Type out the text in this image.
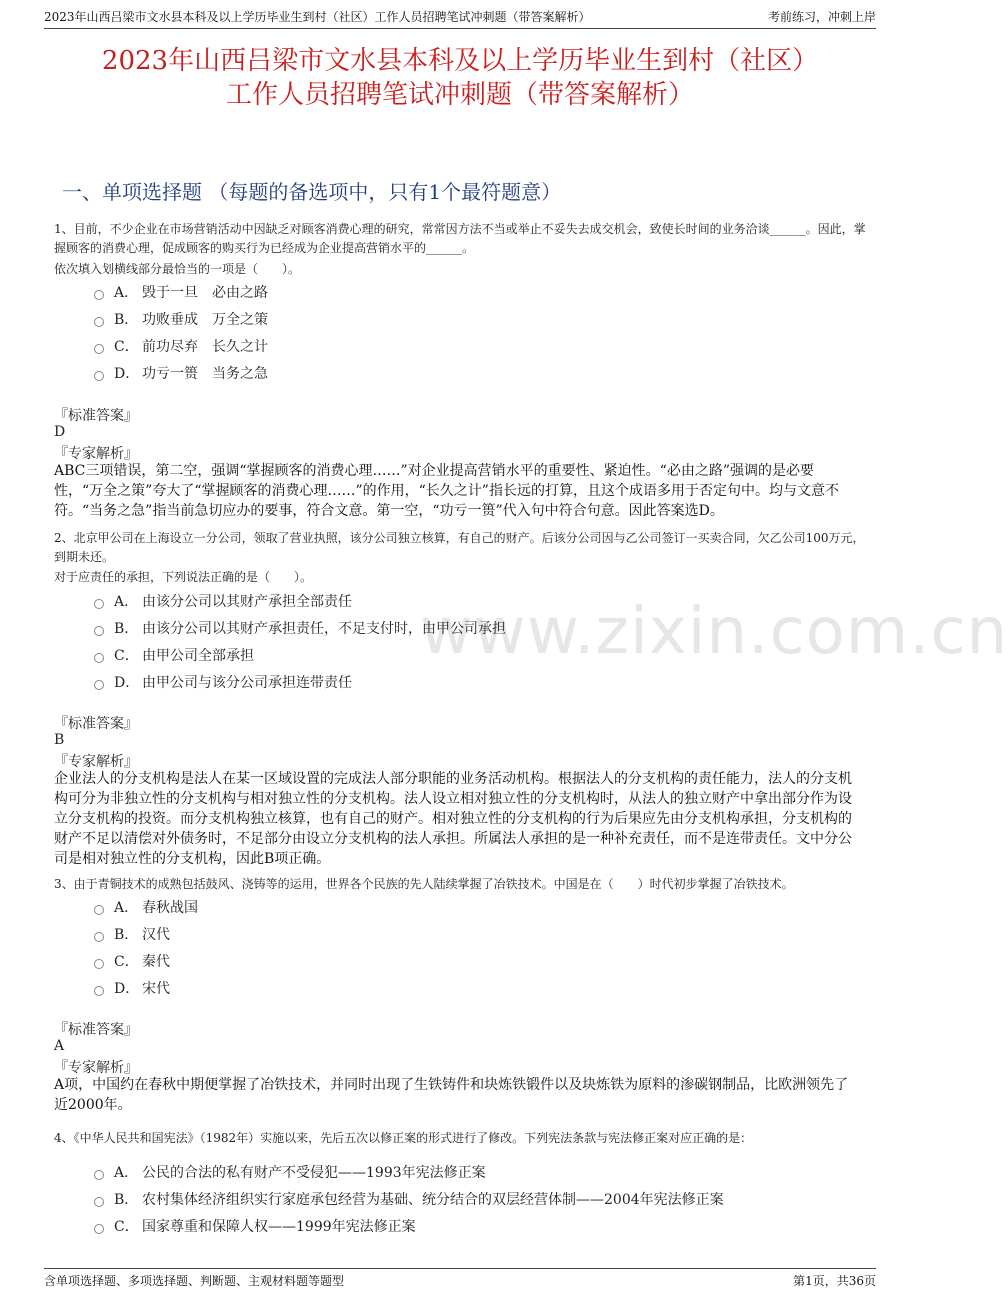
2023年山西吕梁市文水县本科及以上学历毕业生到村（社区）工作人员招聘笔试冲刺题（带答案解析）	考前练习，冲刺上岸
2023年山西吕梁市文水县本科及以上学历毕业生到村（社区）
工作人员招聘笔试冲刺题（带答案解析）
一、单项选择题 （每题的备选项中，只有1个最符题意）
www.zixin.com.cn
1、目前，不少企业在市场营销活动中因缺乏对顾客消费心理的研究，常常因方法不当或举止不妥失去成交机会，致使长时间的业务洽谈______。因此，掌握顾客的消费心理，促成顾客的购买行为已经成为企业提高营销水平的______。
依次填入划横线部分最恰当的一项是（　　）。
A． 毁于一旦　必由之路
B． 功败垂成　万全之策
C． 前功尽弃　长久之计
D． 功亏一篑　当务之急
『标准答案』
D
『专家解析』
ABC三项错误，第二空，强调“掌握顾客的消费心理……”对企业提高营销水平的重要性、紧迫性。“必由之路”强调的是必要性，“万全之策”夸大了“掌握顾客的消费心理……”的作用，“长久之计”指长远的打算，且这个成语多用于否定句中。均与文意不符。“当务之急”指当前急切应办的要事，符合文意。第一空，“功亏一篑”代入句中符合句意。因此答案选D。
2、北京甲公司在上海设立一分公司，领取了营业执照，该分公司独立核算，有自己的财产。后该分公司因与乙公司签订一买卖合同，欠乙公司100万元，到期未还。
对于应责任的承担，下列说法正确的是（　　）。
A． 由该分公司以其财产承担全部责任
B． 由该分公司以其财产承担责任，不足支付时，由甲公司承担
C． 由甲公司全部承担
D． 由甲公司与该分公司承担连带责任
『标准答案』
B
『专家解析』
企业法人的分支机构是法人在某一区域设置的完成法人部分职能的业务活动机构。根据法人的分支机构的责任能力，法人的分支机构可分为非独立性的分支机构与相对独立性的分支机构。法人设立相对独立性的分支机构时，从法人的独立财产中拿出部分作为设立分支机构的投资。而分支机构独立核算，也有自己的财产。相对独立性的分支机构的行为后果应先由分支机构承担，分支机构的财产不足以清偿对外债务时，不足部分由设立分支机构的法人承担。所属法人承担的是一种补充责任，而不是连带责任。文中分公司是相对独立性的分支机构，因此B项正确。
3、由于青铜技术的成熟包括鼓风、浇铸等的运用，世界各个民族的先人陆续掌握了冶铁技术。中国是在（　　）时代初步掌握了冶铁技术。
A． 春秋战国
B． 汉代
C． 秦代
D． 宋代
『标准答案』
A
『专家解析』
A项，中国约在春秋中期便掌握了冶铁技术，并同时出现了生铁铸件和块炼铁锻件以及块炼铁为原料的渗碳钢制品，比欧洲领先了近2000年。
4、《中华人民共和国宪法》（1982年）实施以来，先后五次以修正案的形式进行了修改。下列宪法条款与宪法修正案对应正确的是：
A． 公民的合法的私有财产不受侵犯——1993年宪法修正案
B． 农村集体经济组织实行家庭承包经营为基础、统分结合的双层经营体制——2004年宪法修正案
C． 国家尊重和保障人权——1999年宪法修正案
含单项选择题、多项选择题、判断题、主观材料题等题型	第1页，共36页
